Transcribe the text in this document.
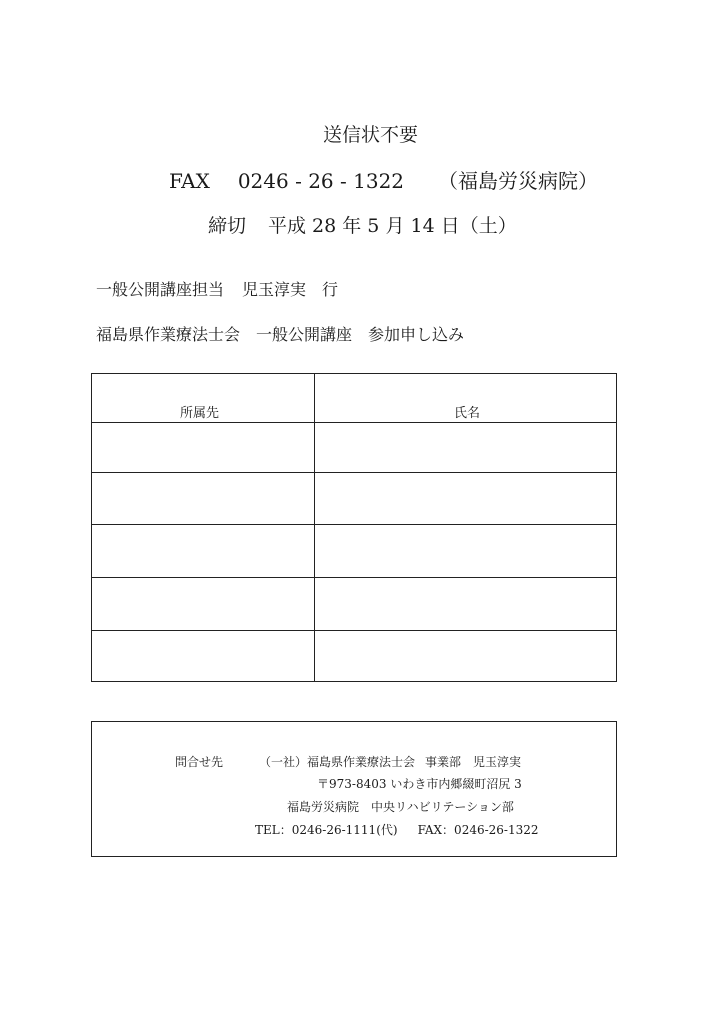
送信状不要
FAX 0246 - 26 - 1322 （福島労災病院）
締切 平成 28 年 5 月 14 日（土）
一般公開講座担当 児玉淳実　行
福島県作業療法士会 一般公開講座　参加申し込み
所属先	氏名
問合せ先	（一社）福島県作業療法士会 事業部　児玉淳実
〒973-8403 いわき市内郷綴町沼尻 3
福島労災病院 中央リハビリテーション部
TEL：0246-26-1111(代) FAX：0246-26-1322
